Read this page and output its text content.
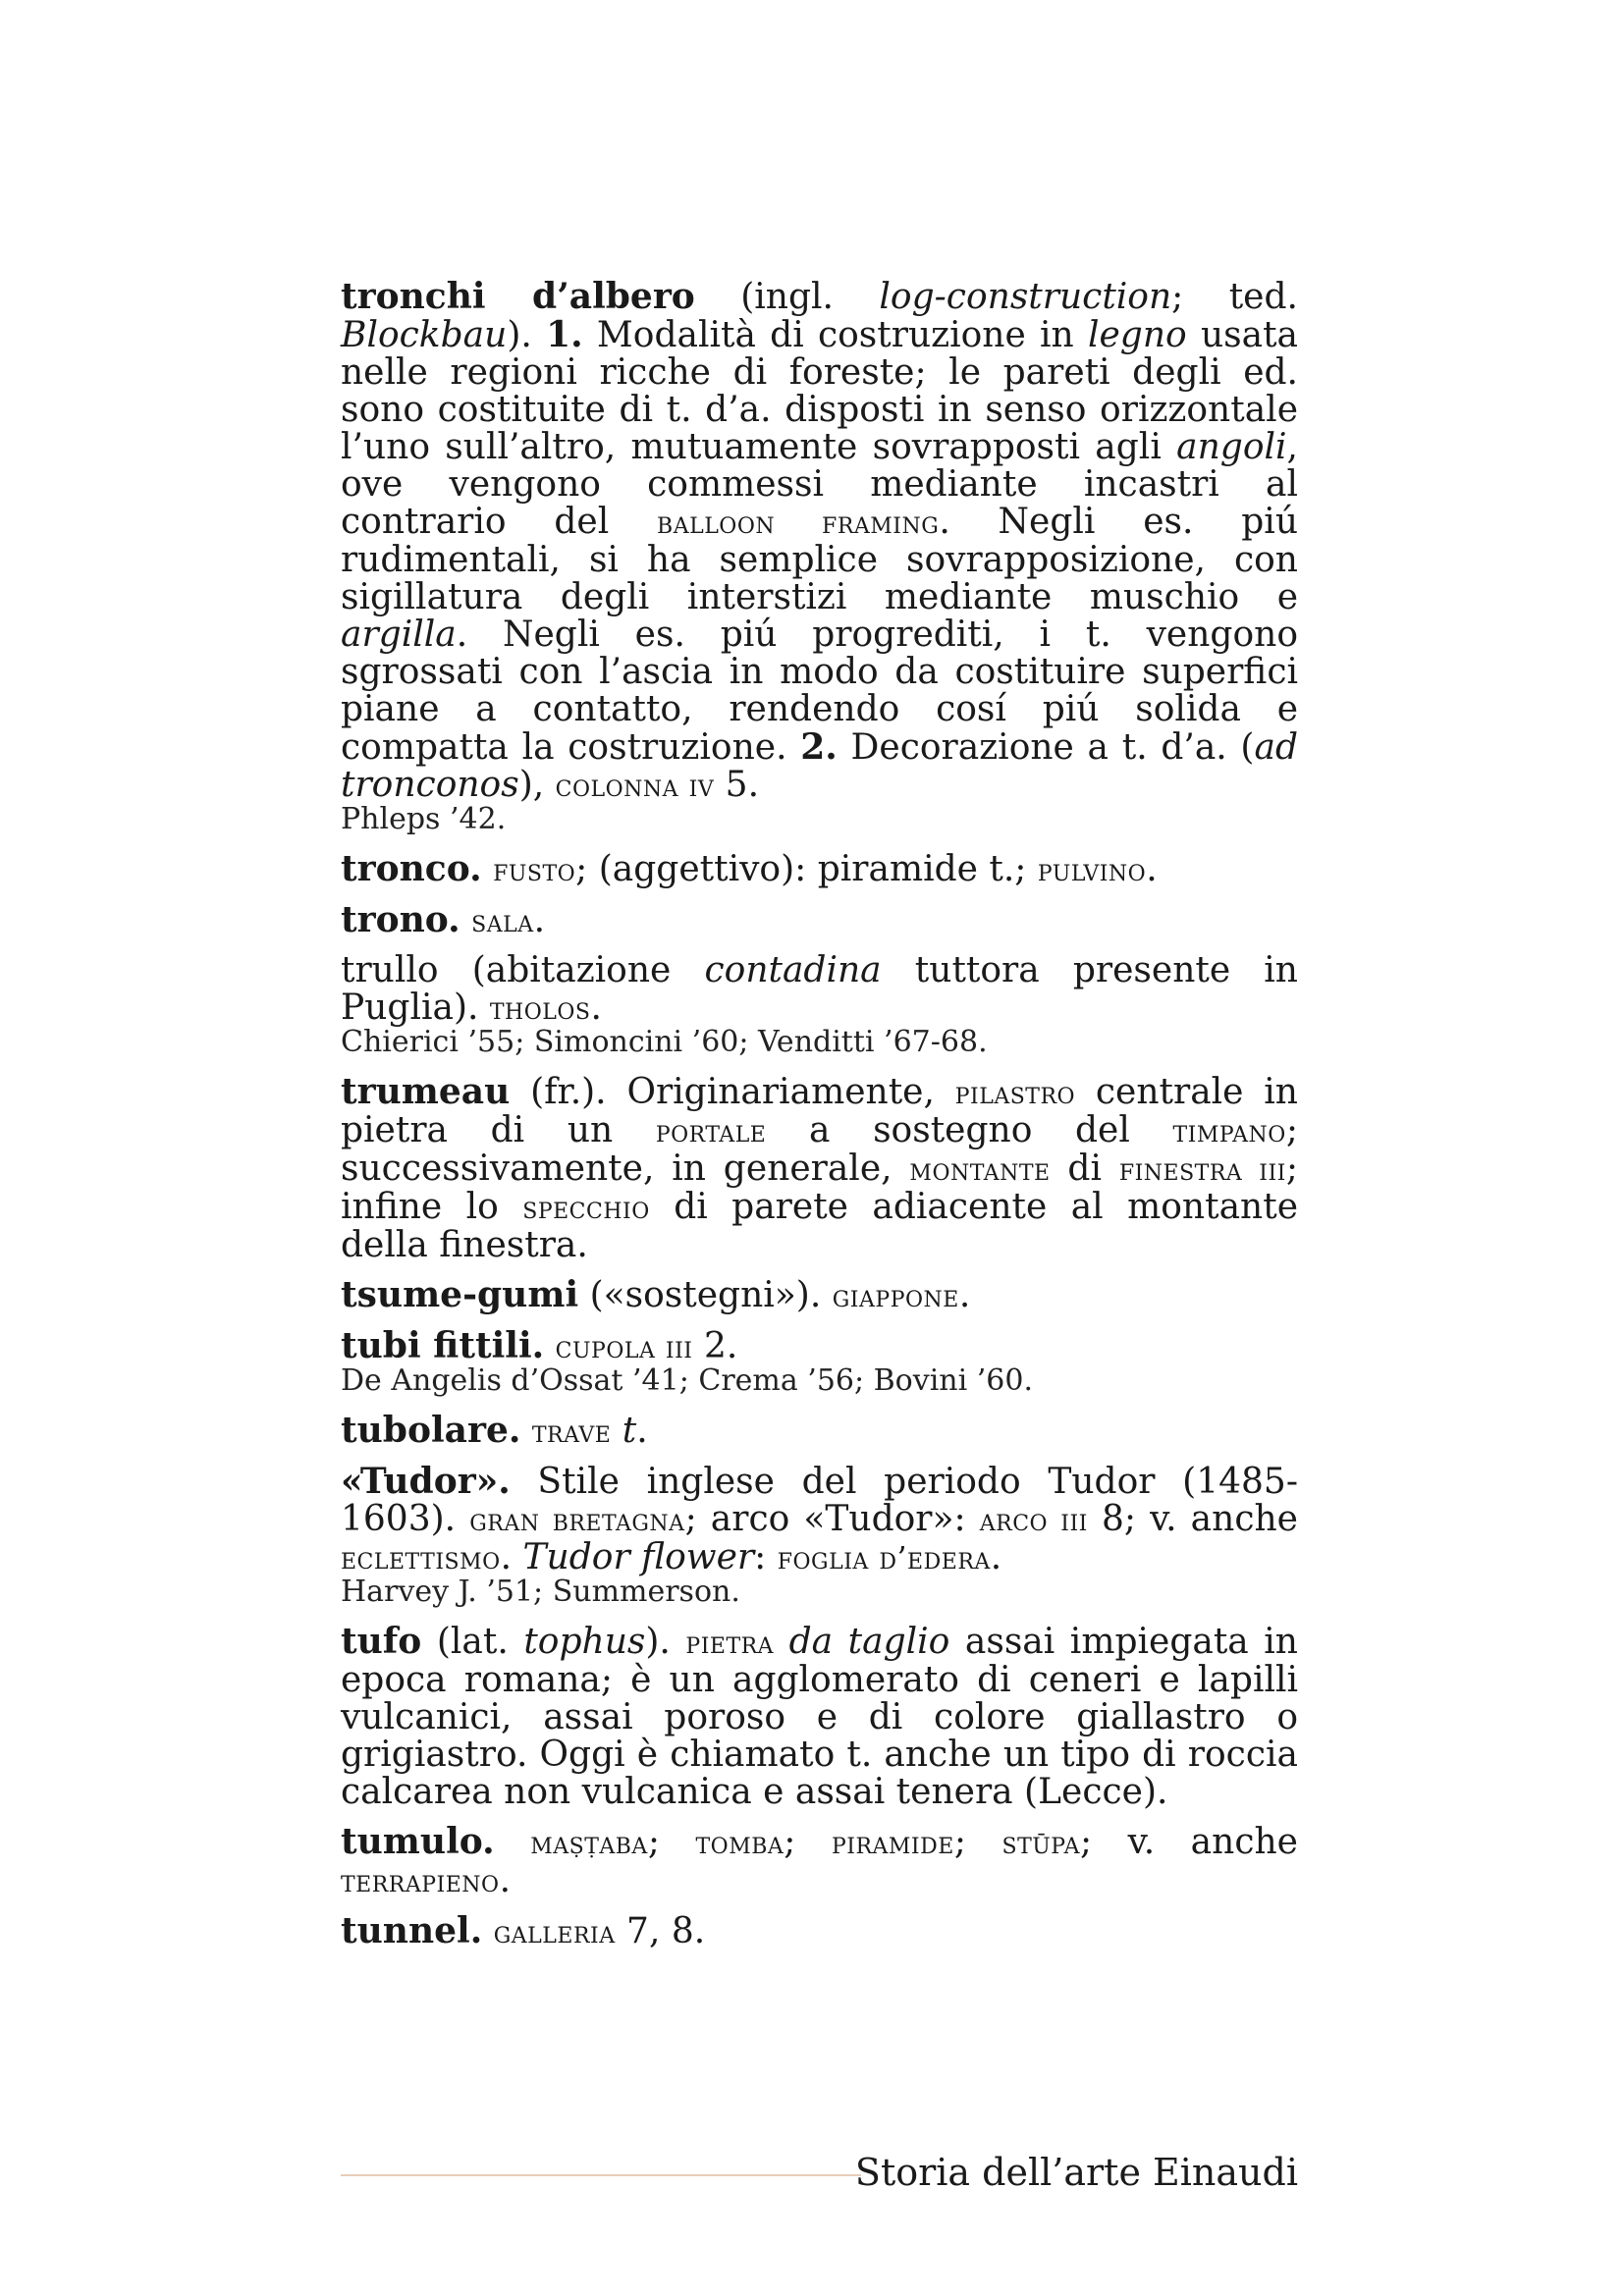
tronchi d’albero (ingl. log-construction; ted. Blockbau). 1. Modalità di costruzione in legno usata nelle regioni ricche di foreste; le pareti degli ed. sono costituite di t. d’a. disposti in senso orizzontale l’uno sull’altro, mutuamente sovrapposti agli angoli, ove vengono commessi mediante incastri al contrario del balloon framing. Negli es. piú rudimentali, si ha semplice sovrapposizione, con sigillatura degli interstizi mediante muschio e argilla. Negli es. piú progrediti, i t. vengono sgrossati con l’ascia in modo da costituire superfici piane a contatto, rendendo cosí piú solida e compatta la costruzione. 2. Decorazione a t. d’a. (ad tronconos), colonna iv 5.
Phleps ’42.
tronco. fusto; (aggettivo): piramide t.; pulvino.
trono. sala.
trullo (abitazione contadina tuttora presente in Puglia). tholos.
Chierici ’55; Simoncini ’60; Venditti ’67-68.
trumeau (fr.). Originariamente, pilastro centrale in pietra di un portale a sostegno del timpano; successivamente, in generale, montante di finestra iii; infine lo specchio di parete adiacente al montante della finestra.
tsume-gumi («sostegni»). giappone.
tubi fittili. cupola iii 2.
De Angelis d’Ossat ’41; Crema ’56; Bovini ’60.
tubolare. trave t.
«Tudor». Stile inglese del periodo Tudor (1485-1603). gran bretagna; arco «Tudor»: arco iii 8; v. anche eclettismo. Tudor flower: foglia d’edera.
Harvey J. ’51; Summerson.
tufo (lat. tophus). pietra da taglio assai impiegata in epoca romana; è un agglomerato di ceneri e lapilli vulcanici, assai poroso e di colore giallastro o grigiastro. Oggi è chiamato t. anche un tipo di roccia calcarea non vulcanica e assai tenera (Lecce).
tumulo. maṣṭaba; tomba; piramide; stūpa; v. anche terrapieno.
tunnel. galleria 7, 8.
Storia dell’arte Einaudi
